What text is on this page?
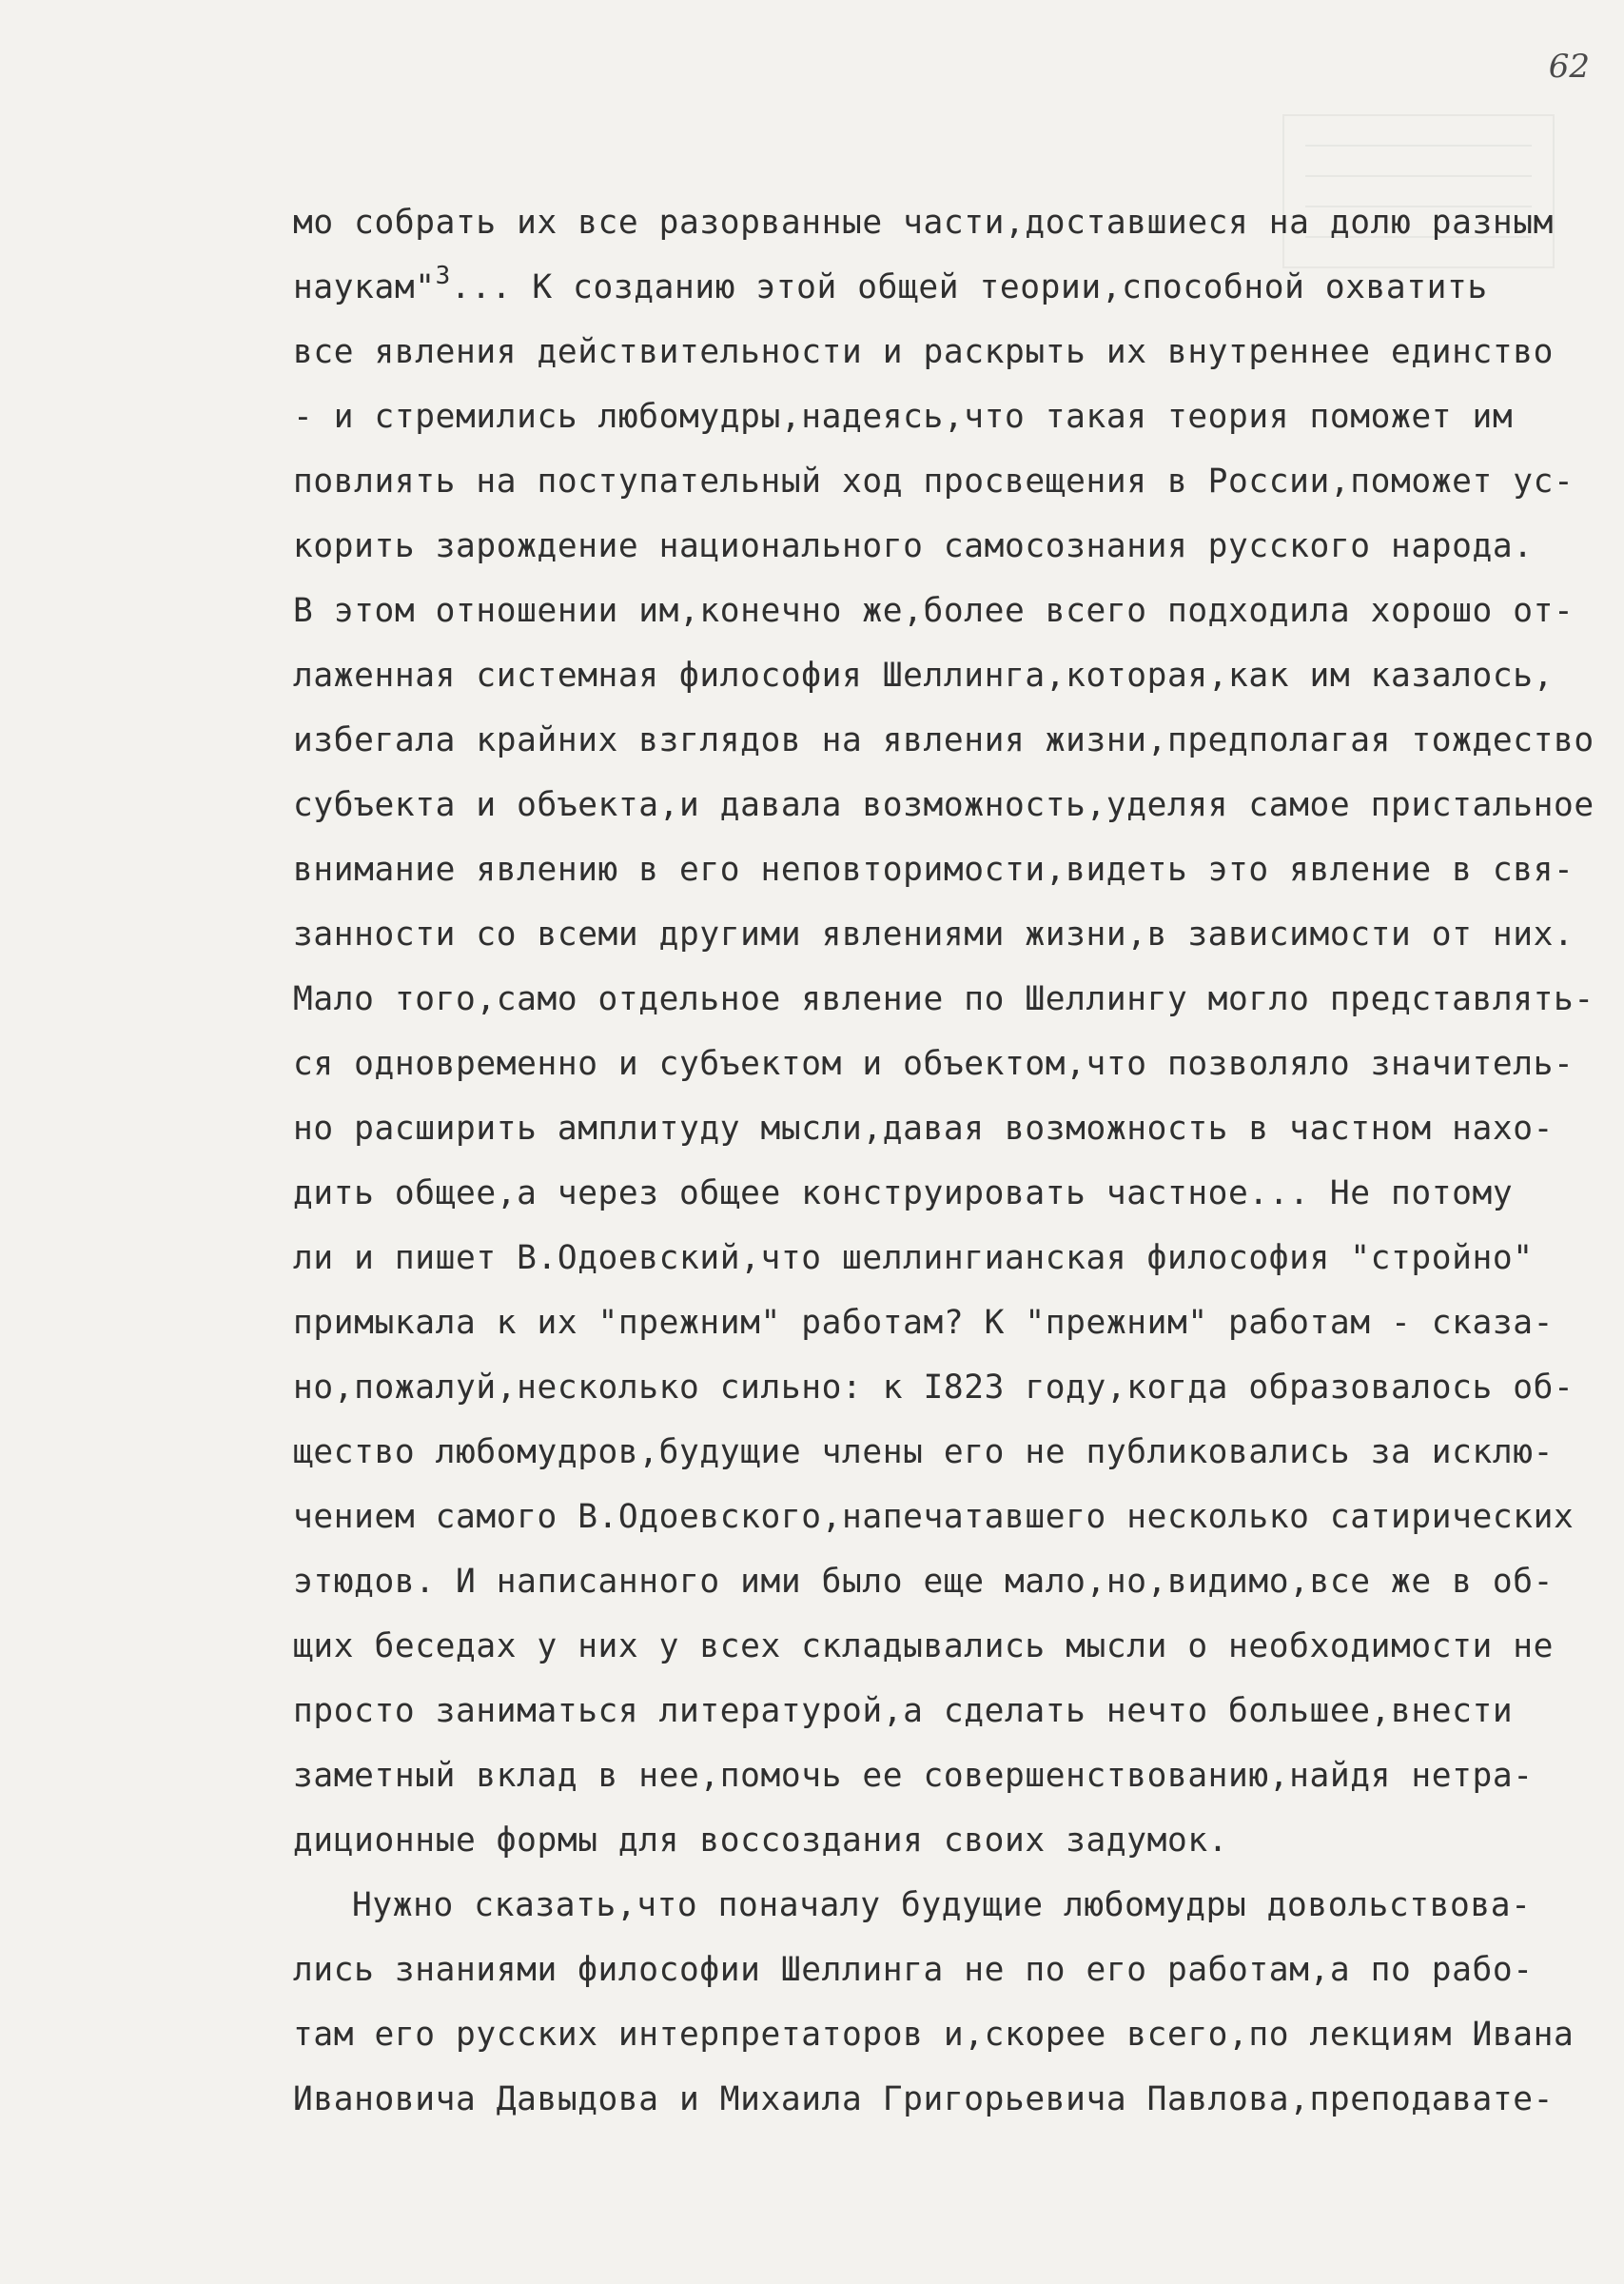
62
мо собрать их все разорванные части,доставшиеся на долю разным
наукам"$^3$... К созданию этой общей теории,способной охватить
все явления действительности и раскрыть их внутреннее единство
- и стремились любомудры,надеясь,что такая теория поможет им
повлиять на поступательный ход просвещения в России,поможет ус-
корить зарождение национального самосознания русского народа.
В этом отношении им,конечно же,более всего подходила хорошо от-
лаженная системная философия Шеллинга,которая,как им казалось,
избегала крайних взглядов на явления жизни,предполагая тождество
субъекта и объекта,и давала возможность,уделяя самое пристальное
внимание явлению в его неповторимости,видеть это явление в свя-
занности со всеми другими явлениями жизни,в зависимости от них.
Мало того,само отдельное явление по Шеллингу могло представлять-
ся одновременно и субъектом и объектом,что позволяло значитель-
но расширить амплитуду мысли,давая возможность в частном нахо-
дить общее,а через общее конструировать частное... Не потому
ли и пишет В.Одоевский,что шеллингианская философия "стройно"
примыкала к их "прежним" работам? К "прежним" работам - сказа-
но,пожалуй,несколько сильно: к I823 году,когда образовалось об-
щество любомудров,будущие члены его не публиковались за исклю-
чением самого В.Одоевского,напечатавшего несколько сатирических
этюдов. И написанного ими было еще мало,но,видимо,все же в об-
щих беседах у них у всех складывались мысли о необходимости не
просто заниматься литературой,а сделать нечто большее,внести
заметный вклад в нее,помочь ее совершенствованию,найдя нетра-
диционные формы для воссоздания своих задумок.
Нужно сказать,что поначалу будущие любомудры довольствова-
лись знаниями философии Шеллинга не по его работам,а по рабо-
там его русских интерпретаторов и,скорее всего,по лекциям Ивана
Ивановича Давыдова и Михаила Григорьевича Павлова,преподавате-
